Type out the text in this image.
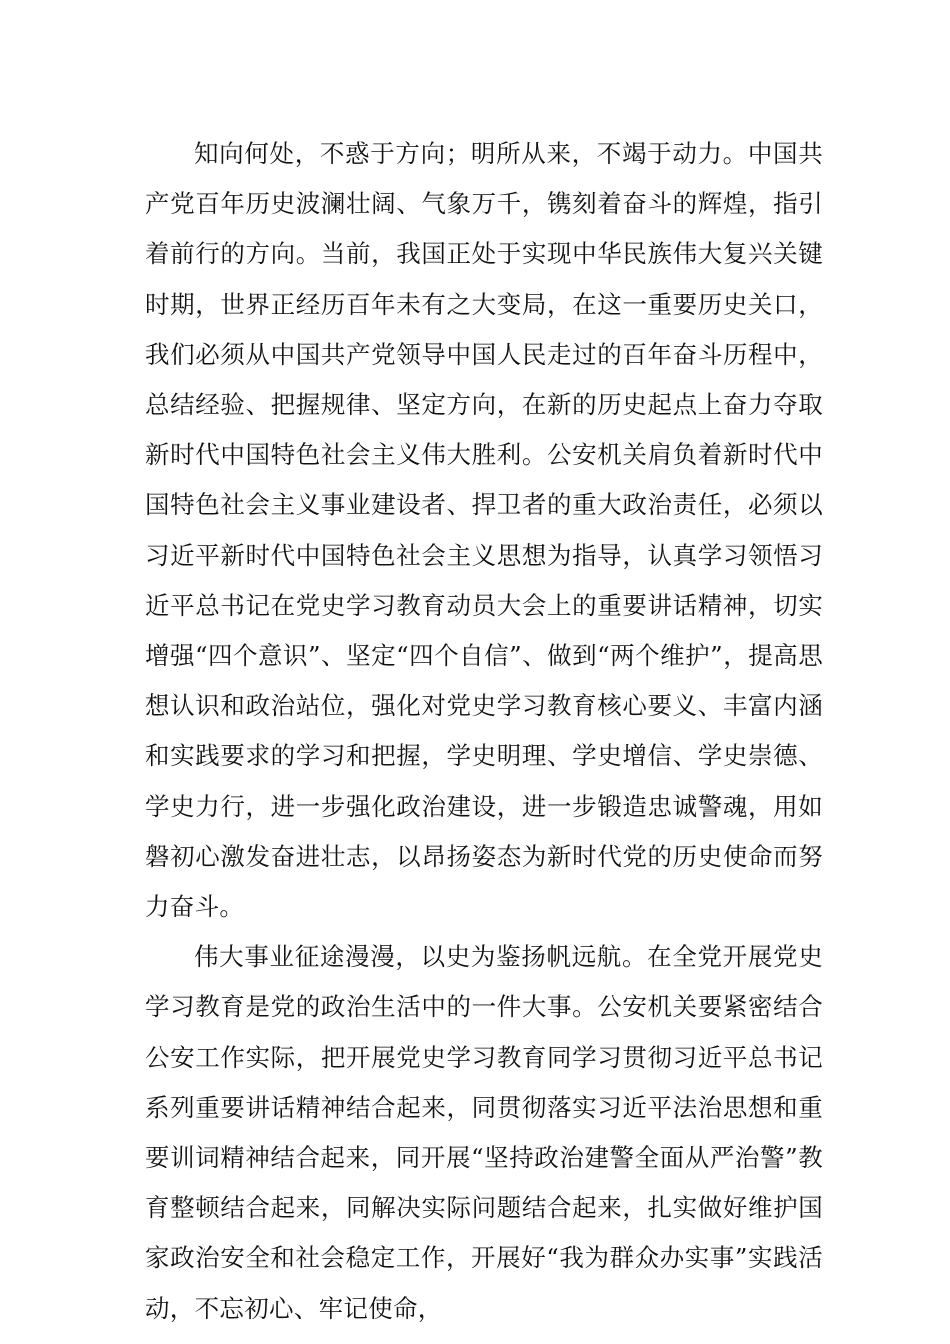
知向何处，不惑于方向；明所从来，不竭于动力。中国共产党百年历史波澜壮阔、气象万千，镌刻着奋斗的辉煌，指引着前行的方向。当前，我国正处于实现中华民族伟大复兴关键时期，世界正经历百年未有之大变局，在这一重要历史关口，我们必须从中国共产党领导中国人民走过的百年奋斗历程中，总结经验、把握规律、坚定方向，在新的历史起点上奋力夺取新时代中国特色社会主义伟大胜利。公安机关肩负着新时代中国特色社会主义事业建设者、捍卫者的重大政治责任，必须以习近平新时代中国特色社会主义思想为指导，认真学习领悟习近平总书记在党史学习教育动员大会上的重要讲话精神，切实增强“四个意识”、坚定“四个自信”、做到“两个维护”，提高思想认识和政治站位，强化对党史学习教育核心要义、丰富内涵和实践要求的学习和把握，学史明理、学史增信、学史崇德、学史力行，进一步强化政治建设，进一步锻造忠诚警魂，用如磐初心激发奋进壮志，以昂扬姿态为新时代党的历史使命而努力奋斗。

伟大事业征途漫漫，以史为鉴扬帆远航。在全党开展党史学习教育是党的政治生活中的一件大事。公安机关要紧密结合公安工作实际，把开展党史学习教育同学习贯彻习近平总书记系列重要讲话精神结合起来，同贯彻落实习近平法治思想和重要训词精神结合起来，同开展“坚持政治建警全面从严治警”教育整顿结合起来，同解决实际问题结合起来，扎实做好维护国家政治安全和社会稳定工作，开展好“我为群众办实事”实践活动，不忘初心、牢记使命，
